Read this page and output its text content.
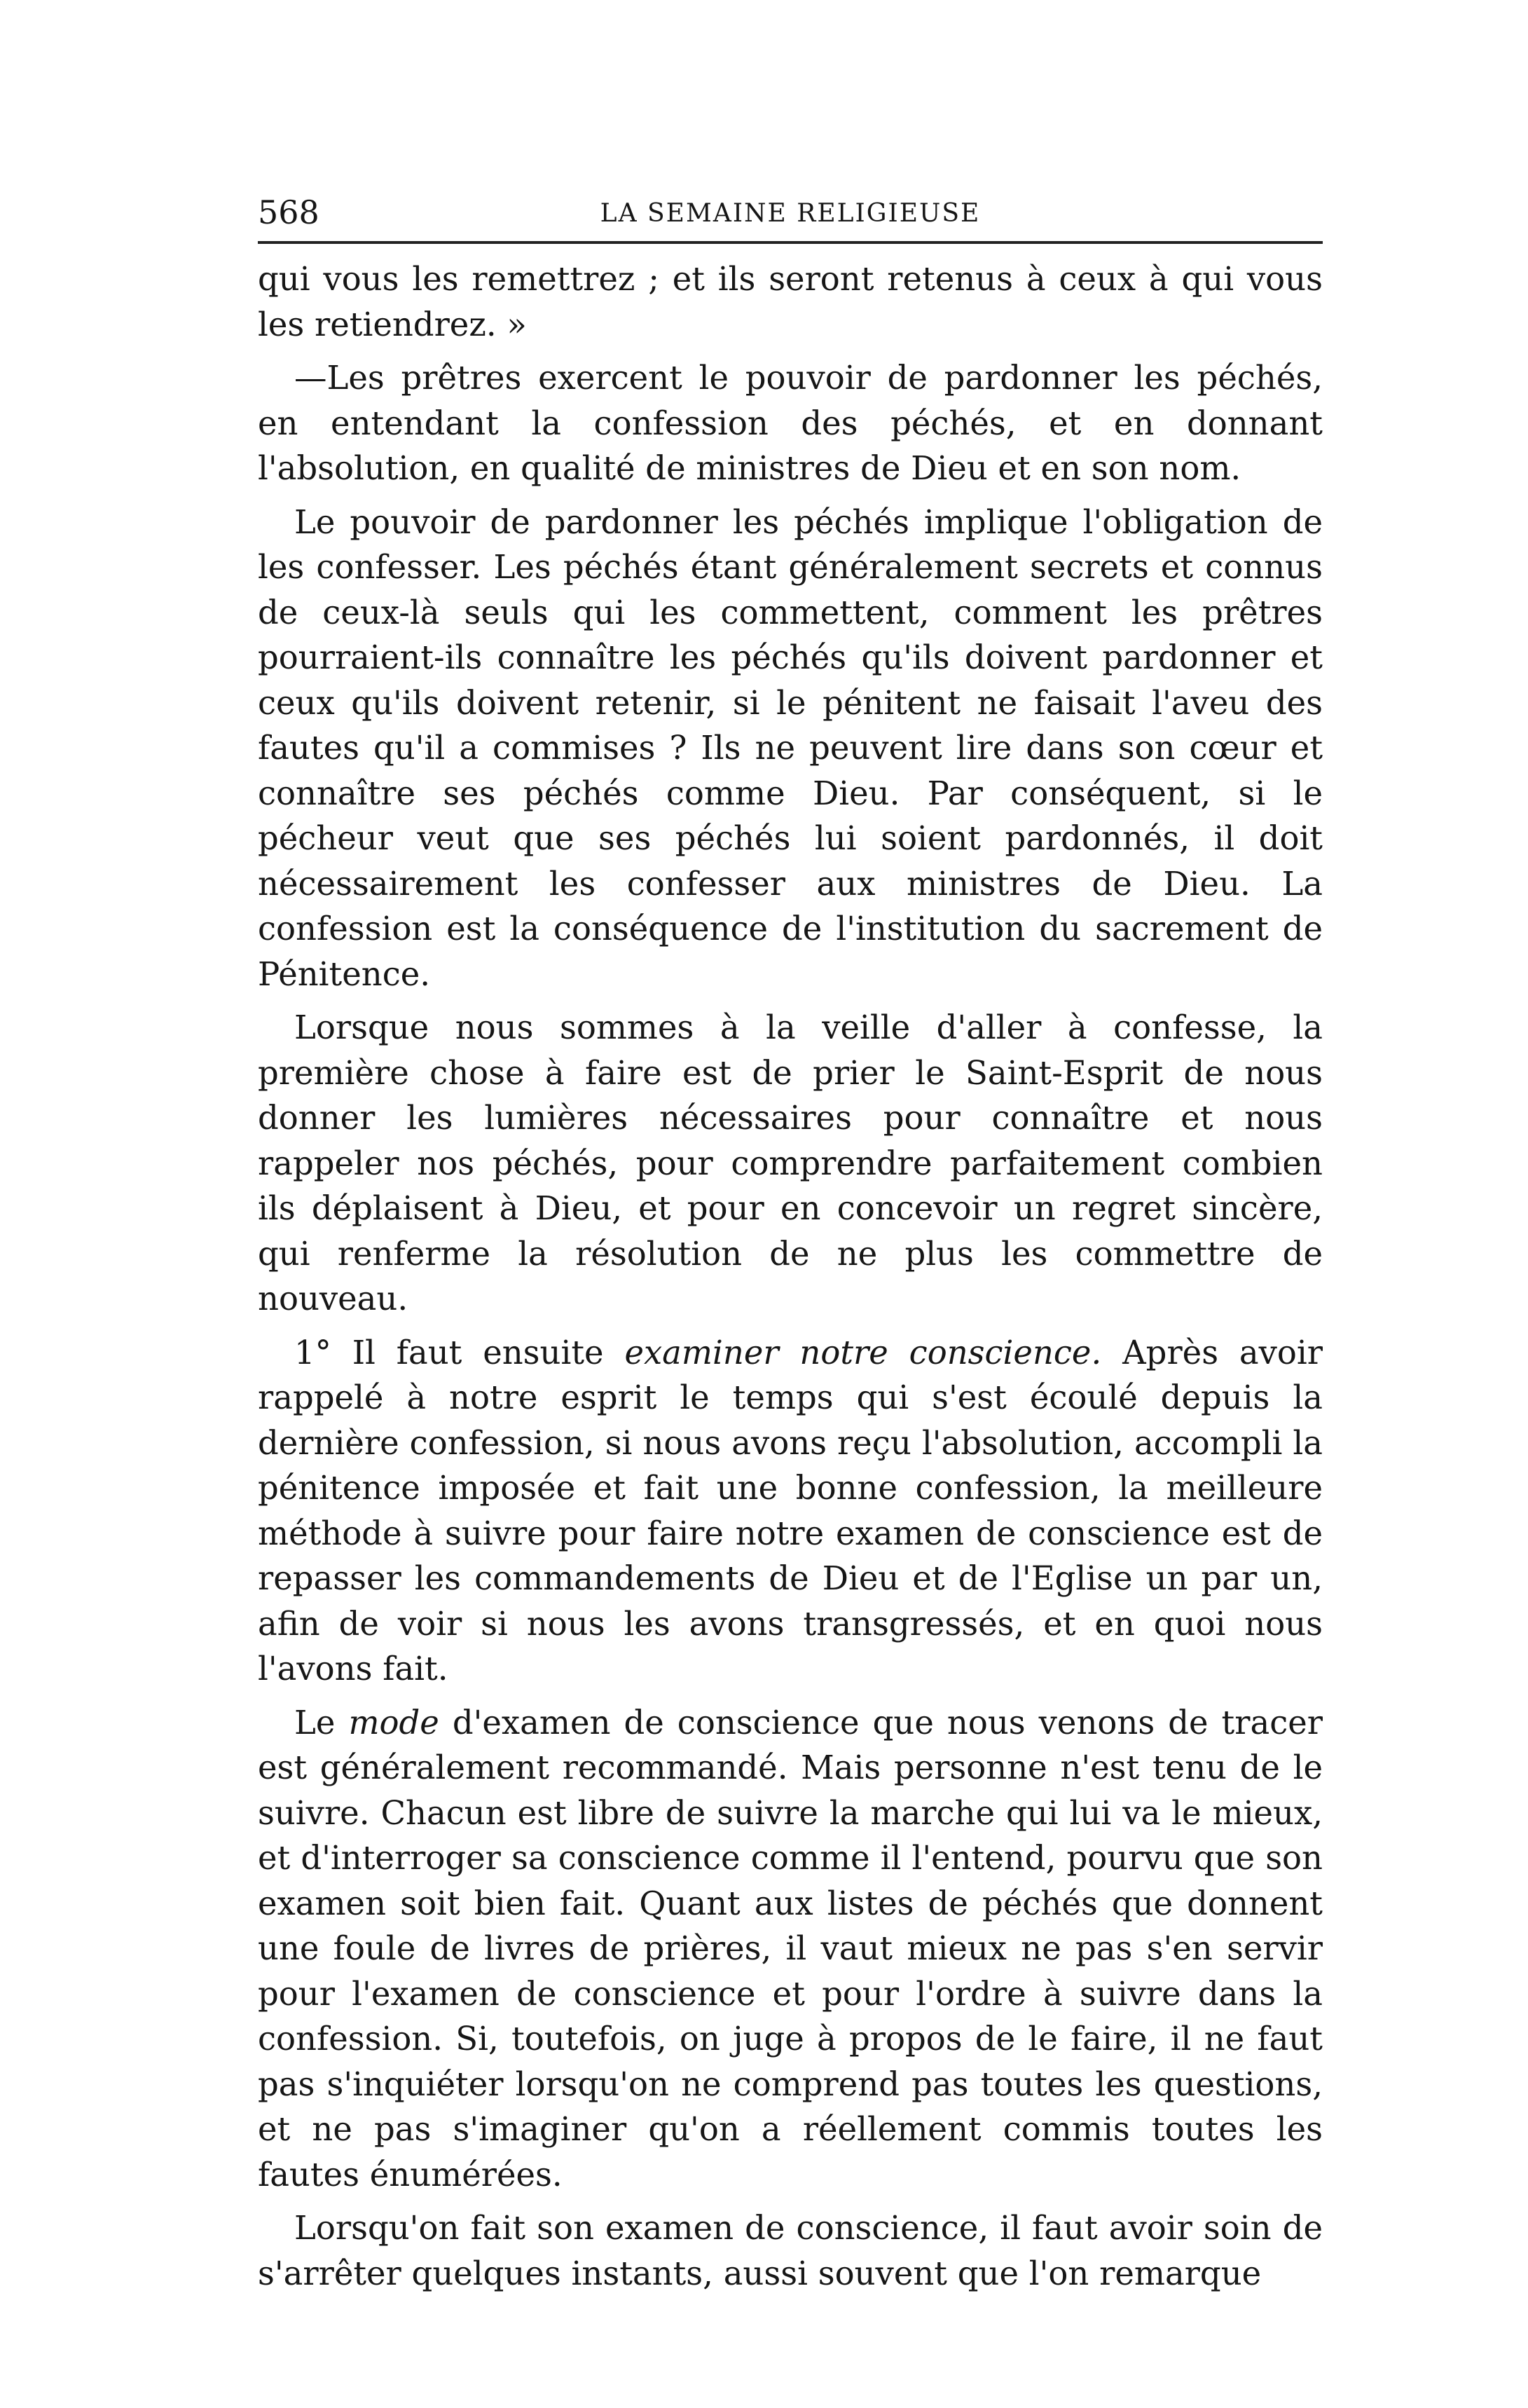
568	LA SEMAINE RELIGIEUSE

qui vous les remettrez ; et ils seront retenus à ceux à qui vous les retiendrez. »

—Les prêtres exercent le pouvoir de pardonner les péchés, en entendant la confession des péchés, et en donnant l'absolution, en qualité de ministres de Dieu et en son nom.

Le pouvoir de pardonner les péchés implique l'obligation de les confesser. Les péchés étant généralement secrets et connus de ceux-là seuls qui les commettent, comment les prêtres pourraient-ils connaître les péchés qu'ils doivent pardonner et ceux qu'ils doivent retenir, si le pénitent ne faisait l'aveu des fautes qu'il a commises ? Ils ne peuvent lire dans son cœur et connaître ses péchés comme Dieu. Par conséquent, si le pécheur veut que ses péchés lui soient pardonnés, il doit nécessairement les confesser aux ministres de Dieu. La confession est la conséquence de l'institution du sacrement de Pénitence.

Lorsque nous sommes à la veille d'aller à confesse, la première chose à faire est de prier le Saint-Esprit de nous donner les lumières nécessaires pour connaître et nous rappeler nos péchés, pour comprendre parfaitement combien ils déplaisent à Dieu, et pour en concevoir un regret sincère, qui renferme la résolution de ne plus les commettre de nouveau.

1° Il faut ensuite examiner notre conscience. Après avoir rappelé à notre esprit le temps qui s'est écoulé depuis la dernière confession, si nous avons reçu l'absolution, accompli la pénitence imposée et fait une bonne confession, la meilleure méthode à suivre pour faire notre examen de conscience est de repasser les commandements de Dieu et de l'Eglise un par un, afin de voir si nous les avons transgressés, et en quoi nous l'avons fait.

Le mode d'examen de conscience que nous venons de tracer est généralement recommandé. Mais personne n'est tenu de le suivre. Chacun est libre de suivre la marche qui lui va le mieux, et d'interroger sa conscience comme il l'entend, pourvu que son examen soit bien fait. Quant aux listes de péchés que donnent une foule de livres de prières, il vaut mieux ne pas s'en servir pour l'examen de conscience et pour l'ordre à suivre dans la confession. Si, toutefois, on juge à propos de le faire, il ne faut pas s'inquiéter lorsqu'on ne comprend pas toutes les questions, et ne pas s'imaginer qu'on a réellement commis toutes les fautes énumérées.

Lorsqu'on fait son examen de conscience, il faut avoir soin de s'arrêter quelques instants, aussi souvent que l'on remarque
